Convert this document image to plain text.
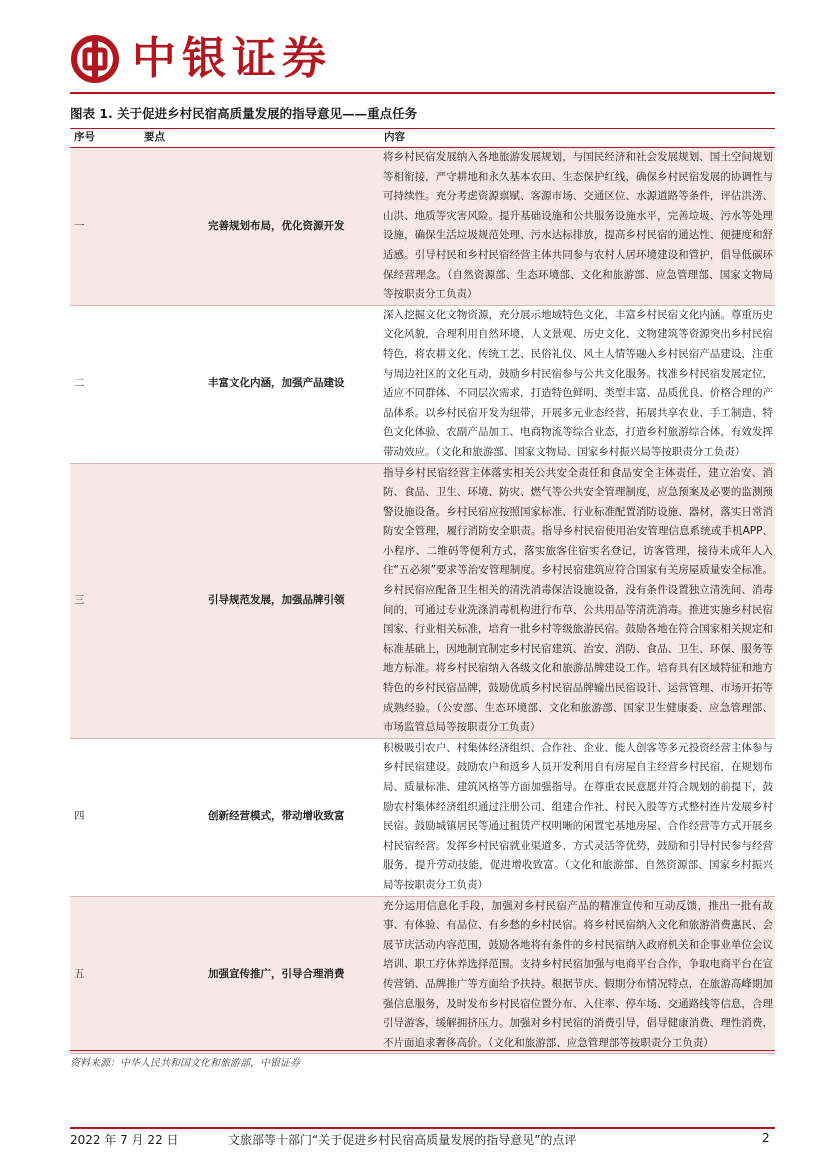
中银证券
图表 1. 关于促进乡村民宿高质量发展的指导意见——重点任务
序号	要点	内容
一	完善规划布局，优化资源开发	将乡村民宿发展纳入各地旅游发展规划，与国民经济和社会发展规划、国土空间规划等相衔接，严守耕地和永久基本农田、生态保护红线，确保乡村民宿发展的协调性与可持续性。充分考虑资源禀赋、客源市场、交通区位、水源道路等条件，评估洪涝、山洪、地质等灾害风险。提升基础设施和公共服务设施水平，完善垃圾、污水等处理设施，确保生活垃圾规范处理、污水达标排放，提高乡村民宿的通达性、便捷度和舒适感。引导村民和乡村民宿经营主体共同参与农村人居环境建设和管护，倡导低碳环保经营理念。（自然资源部、生态环境部、文化和旅游部、应急管理部、国家文物局等按职责分工负责）
二	丰富文化内涵，加强产品建设	深入挖掘文化文物资源，充分展示地域特色文化，丰富乡村民宿文化内涵。尊重历史文化风貌，合理利用自然环境、人文景观、历史文化、文物建筑等资源突出乡村民宿特色，将农耕文化、传统工艺、民俗礼仪、风土人情等融入乡村民宿产品建设，注重与周边社区的文化互动，鼓励乡村民宿参与公共文化服务。找准乡村民宿发展定位，适应不同群体、不同层次需求，打造特色鲜明、类型丰富、品质优良、价格合理的产品体系。以乡村民宿开发为纽带，开展多元业态经营，拓展共享农业、手工制造、特色文化体验、农副产品加工、电商物流等综合业态，打造乡村旅游综合体，有效发挥带动效应。（文化和旅游部、国家文物局、国家乡村振兴局等按职责分工负责）
三	引导规范发展，加强品牌引领	指导乡村民宿经营主体落实相关公共安全责任和食品安全主体责任，建立治安、消防、食品、卫生、环境、防灾、燃气等公共安全管理制度，应急预案及必要的监测预警设施设备。乡村民宿应按照国家标准、行业标准配置消防设施、器材，落实日常消防安全管理，履行消防安全职责。指导乡村民宿使用治安管理信息系统或手机APP、小程序、二维码等便利方式，落实旅客住宿实名登记，访客管理，接待未成年人入住“五必须”要求等治安管理制度。乡村民宿建筑应符合国家有关房屋质量安全标准。乡村民宿应配备卫生相关的清洗消毒保洁设施设备，没有条件设置独立清洗间、消毒间的，可通过专业洗涤消毒机构进行布草、公共用品等清洗消毒。推进实施乡村民宿国家、行业相关标准，培育一批乡村等级旅游民宿。鼓励各地在符合国家相关规定和标准基础上，因地制宜制定乡村民宿建筑、治安、消防、食品、卫生、环保、服务等地方标准。将乡村民宿纳入各级文化和旅游品牌建设工作。培育具有区域特征和地方特色的乡村民宿品牌，鼓励优质乡村民宿品牌输出民宿设计、运营管理、市场开拓等成熟经验。（公安部、生态环境部、文化和旅游部、国家卫生健康委、应急管理部、市场监管总局等按职责分工负责）
四	创新经营模式，带动增收致富	积极吸引农户、村集体经济组织、合作社、企业、能人创客等多元投资经营主体参与乡村民宿建设。鼓励农户和返乡人员开发利用自有房屋自主经营乡村民宿，在规划布局、质量标准、建筑风格等方面加强指导。在尊重农民意愿并符合规划的前提下，鼓励农村集体经济组织通过注册公司、组建合作社、村民入股等方式整村连片发展乡村民宿。鼓励城镇居民等通过租赁产权明晰的闲置宅基地房屋、合作经营等方式开展乡村民宿经营。发挥乡村民宿就业渠道多、方式灵活等优势，鼓励和引导村民参与经营服务，提升劳动技能，促进增收致富。（文化和旅游部、自然资源部、国家乡村振兴局等按职责分工负责）
五	加强宣传推广，引导合理消费	充分运用信息化手段，加强对乡村民宿产品的精准宣传和互动反馈，推出一批有故事、有体验、有品位、有乡愁的乡村民宿。将乡村民宿纳入文化和旅游消费惠民、会展节庆活动内容范围，鼓励各地将有条件的乡村民宿纳入政府机关和企事业单位会议培训、职工疗休养选择范围。支持乡村民宿加强与电商平台合作，争取电商平台在宣传营销、品牌推广等方面给予扶持。根据节庆、假期分布情况特点，在旅游高峰期加强信息服务，及时发布乡村民宿位置分布、入住率、停车场、交通路线等信息，合理引导游客，缓解拥挤压力。加强对乡村民宿的消费引导，倡导健康消费、理性消费，不片面追求奢侈高价。（文化和旅游部、应急管理部等按职责分工负责）
资料来源：中华人民共和国文化和旅游部，中银证券
2022 年 7 月 22 日	文旅部等十部门“关于促进乡村民宿高质量发展的指导意见”的点评	2
